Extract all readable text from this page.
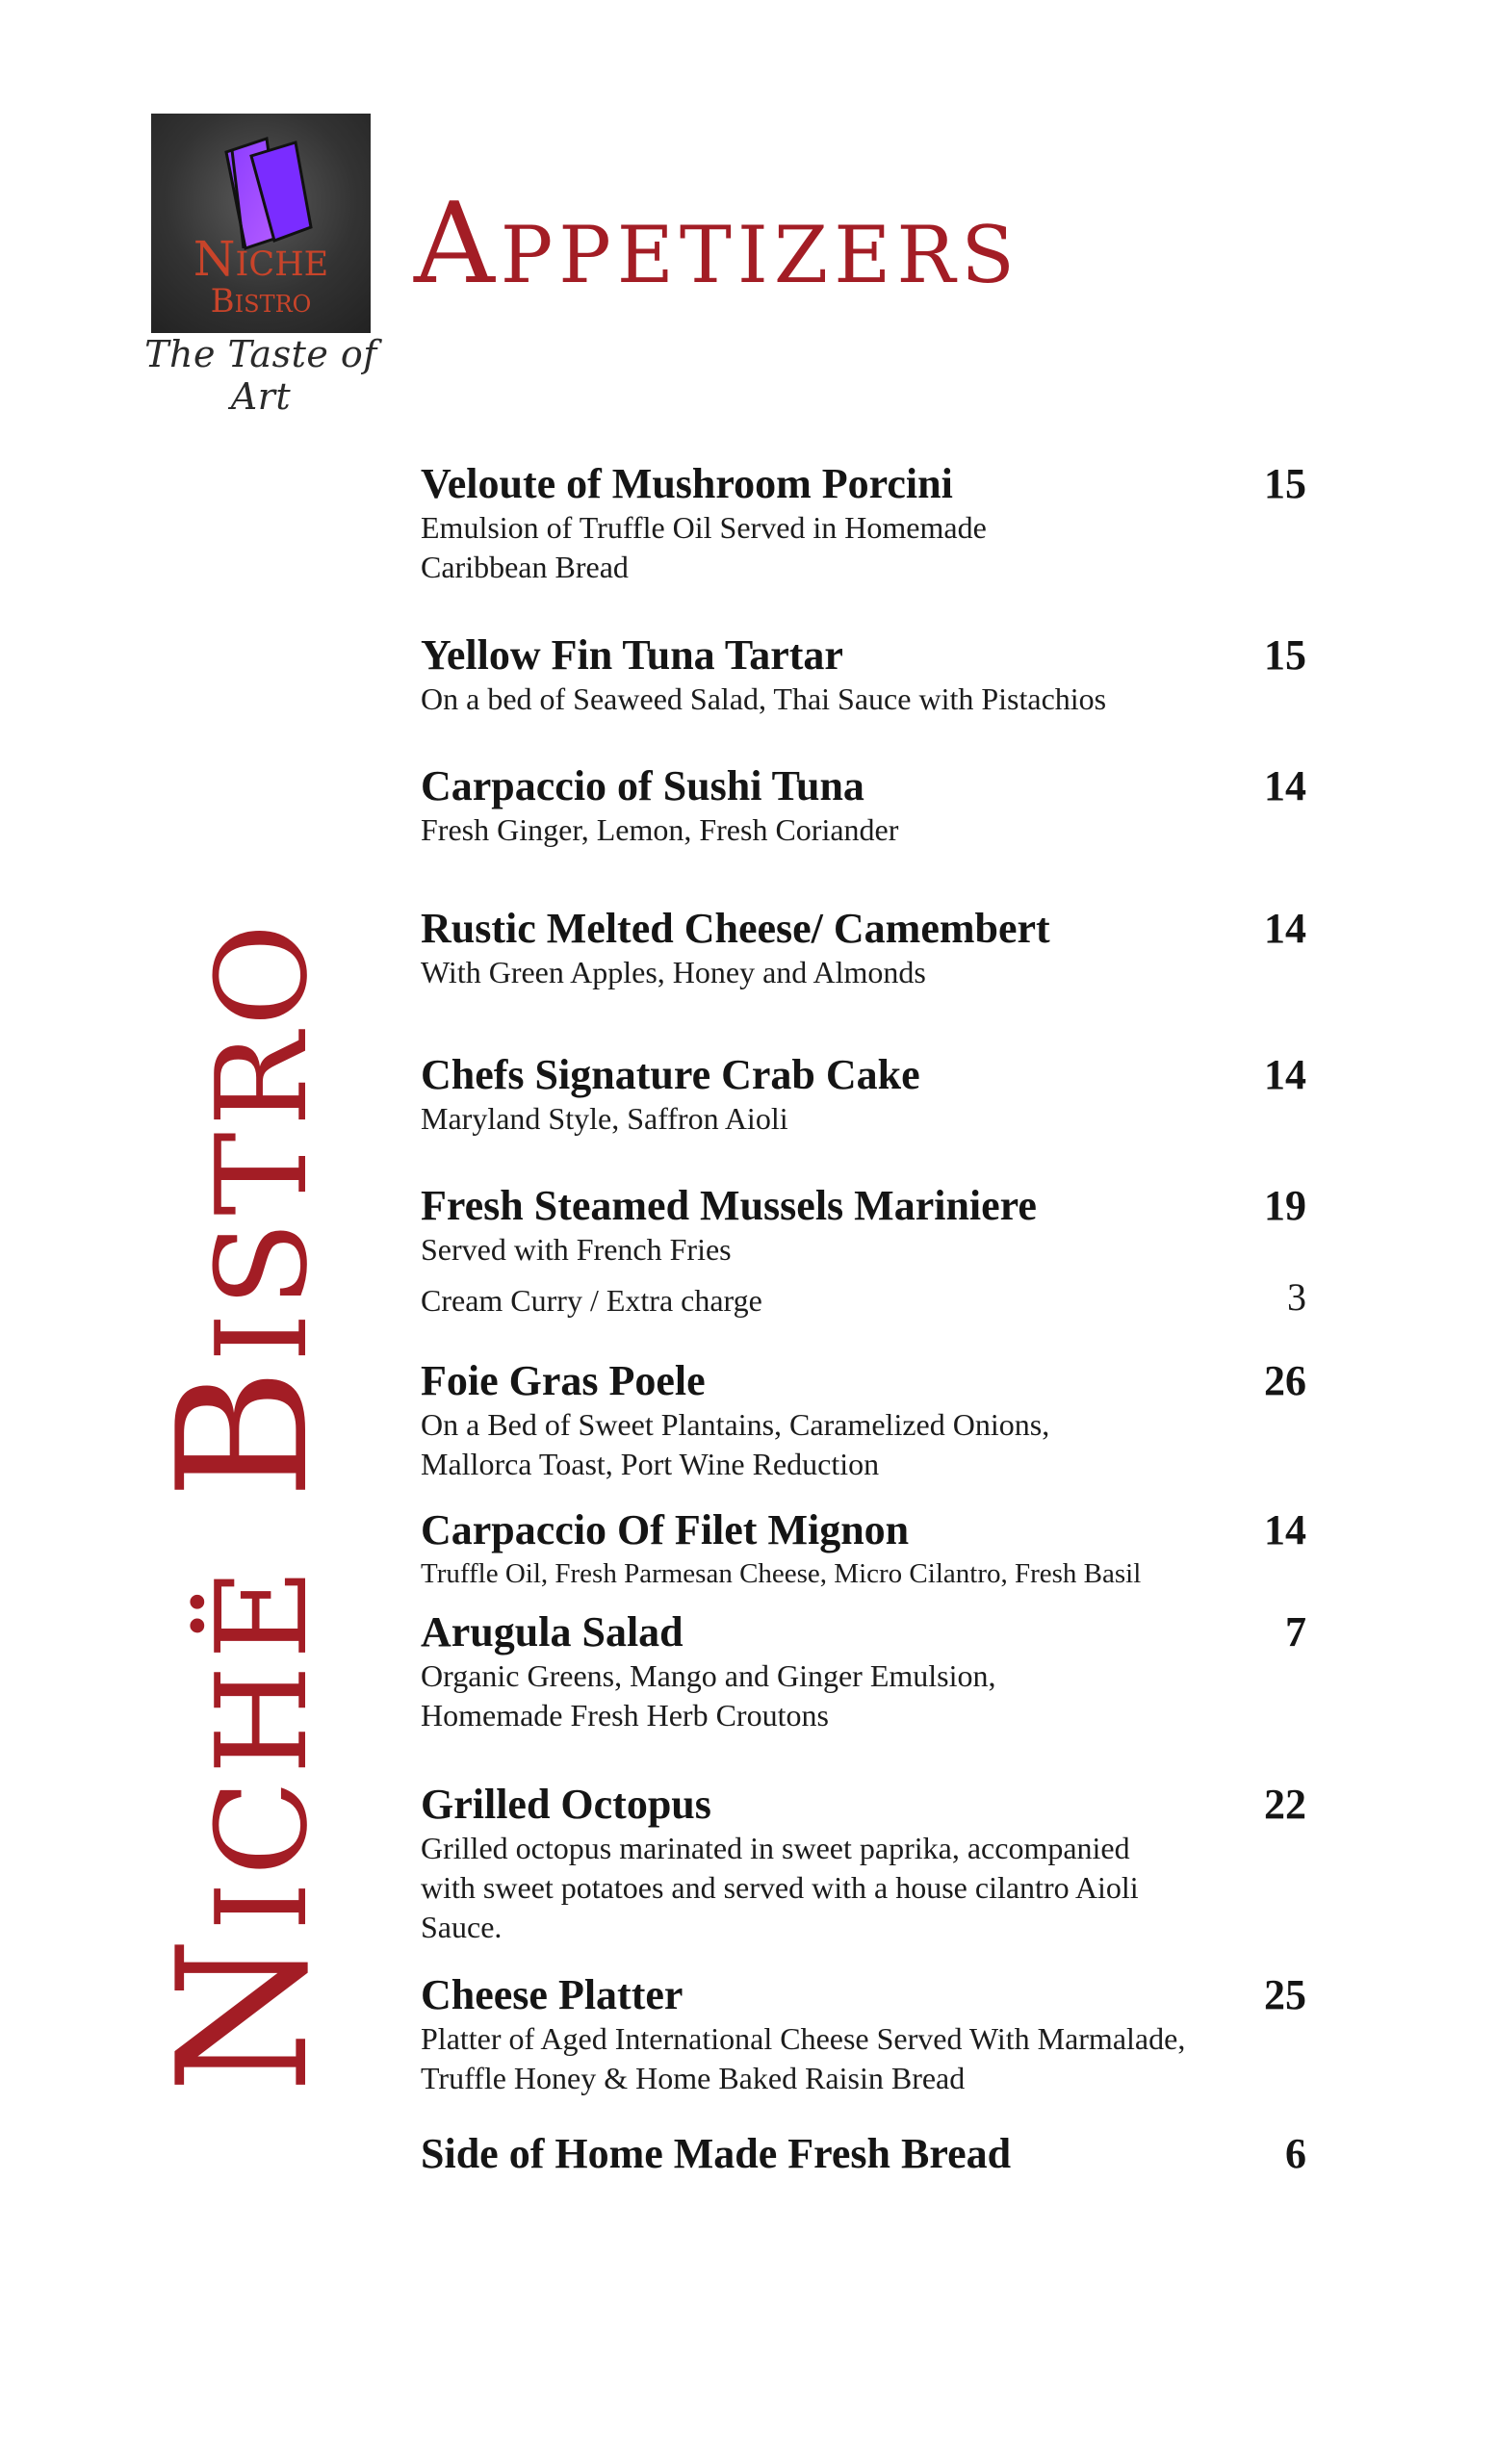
Niche
Bistro
The Taste of Art
Appetizers
Nichë Bistro
Veloute of Mushroom Porcini	15
Emulsion of Truffle Oil Served in Homemade
Caribbean Bread
Yellow Fin Tuna Tartar	15
On a bed of Seaweed Salad, Thai Sauce with Pistachios
Carpaccio of Sushi Tuna	14
Fresh Ginger, Lemon, Fresh Coriander
Rustic Melted Cheese/ Camembert	14
With Green Apples, Honey and Almonds
Chefs Signature Crab Cake	14
Maryland Style, Saffron Aioli
Fresh Steamed Mussels Mariniere	19
Served with French Fries
Cream Curry / Extra charge	3
Foie Gras Poele	26
On a Bed of Sweet Plantains, Caramelized Onions,
Mallorca Toast, Port Wine Reduction
Carpaccio Of Filet Mignon	14
Truffle Oil, Fresh Parmesan Cheese, Micro Cilantro, Fresh Basil
Arugula Salad	7
Organic Greens, Mango and Ginger Emulsion,
Homemade Fresh Herb Croutons
Grilled Octopus	22
Grilled octopus marinated in sweet paprika, accompanied
with sweet potatoes and served with a house cilantro Aioli
Sauce.
Cheese Platter	25
Platter of Aged International Cheese Served With Marmalade,
Truffle Honey & Home Baked Raisin Bread
Side of Home Made Fresh Bread	6
